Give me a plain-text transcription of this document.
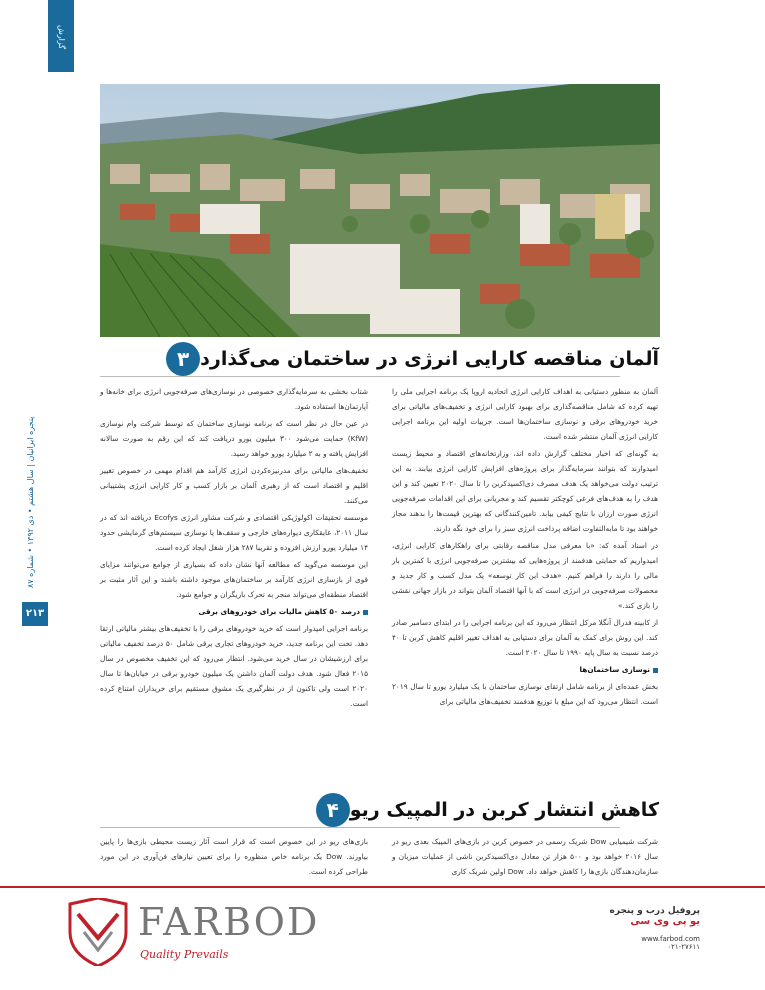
گزارش
پنجره ایرانیان | سال هشتم • دی ۱۳۹۲ • شماره ۸۷
۲۱۳
۳ آلمان مناقصه کارایی انرژی در ساختمان می‌گذارد

آلمان به منظور دستیابی به اهداف کارایی انرژی اتحادیه اروپا یک برنامه اجرایی ملی را تهیه کرده که شامل مناقصه‌گذاری برای بهبود کارایی انرژی و تخفیف‌های مالیاتی برای خرید خودروهای برقی و نوسازی ساختمان‌ها است. جزییات اولیه این برنامه اجرایی کارایی انرژی آلمان منتشر شده است.

به گونه‌ای که اخبار مختلف گزارش داده اند، وزارتخانه‌های اقتصاد و محیط زیست امیدوارند که بتوانند سرمایه‌گذار برای پروژه‌های افزایش کارایی انرژی بیابند. به این ترتیب دولت می‌خواهد یک هدف مصرف دی‌اکسیدکربن را تا سال ۲۰۲۰ تعیین کند و این هدف را به هدف‌های فرعی کوچکتر تقسیم کند و مجریانی برای این اقدامات صرفه‌جویی انرژی صورت ارزان با نتایج کیفی بیابد. تامین‌کنندگانی که بهترین قیمت‌ها را بدهند مجاز خواهند بود تا مابه‌التفاوت اضافه پرداخت انرژی سبز را برای خود نگه دارند.

در اسناد آمده که: «با معرفی مدل مناقصه رقابتی برای راهکارهای کارایی انرژی، امیدواریم که حمایتی هدفمند از پروژه‌هایی که بیشترین صرفه‌جویی انرژی با کمترین بار مالی را دارند را فراهم کنیم. «هدف این کار توسعه» یک مدل کسب و کار جدید و محصولات صرفه‌جویی در انرژی است که با آنها اقتصاد آلمان بتواند در بازار جهانی نقشی را بازی کند.»

از کابینه فدرال آنگلا مرکل انتظار می‌رود که این برنامه اجرایی را در ابتدای دسامبر صادر کند. این روش برای کمک به آلمان برای دستیابی به اهداف تغییر اقلیم کاهش کربن تا ۴۰ درصد نسبت به سال پایه ۱۹۹۰ تا سال ۲۰۲۰ است.

نوسازی ساختمان‌ها

بخش عمده‌ای از برنامه شامل ارتقای نوسازی ساختمان با یک میلیارد یورو تا سال ۲۰۱۹ است. انتظار می‌رود که این مبلغ با توزیع هدفمند تخفیف‌های مالیاتی برای

شتاب بخشی به سرمایه‌گذاری خصوصی در نوسازی‌های صرفه‌جویی انرژی برای خانه‌ها و آپارتمان‌ها استفاده شود.

در عین حال در نظر است که برنامه نوسازی ساختمان که توسط شرکت وام نوسازی (KfW) حمایت می‌شود ۳۰۰ میلیون یورو دریافت کند که این رقم به صورت سالانه افزایش یافته و به ۲ میلیارد یورو خواهد رسید.

تخفیف‌های مالیاتی برای مدرنیزه‌کردن انرژی کارآمد هم اقدام مهمی در خصوص تغییر اقلیم و اقتصاد است که از رهبری آلمان بر بازار کسب و کار کارایی انرژی پشتیبانی می‌کنند.

موسسه تحقیقات اکولوژیکی اقتصادی و شرکت مشاور انرژی Ecofys دریافته اند که در سال ۲۰۱۱، عایقکاری دیواره‌های خارجی و سقف‌ها یا نوسازی سیستم‌های گرمایشی حدود ۱۴ میلیارد یورو ارزش افزوده و تقریبا ۲۸۷ هزار شغل ایجاد کرده است.

این موسسه می‌گوید که مطالعه آنها نشان داده که بسیاری از جوامع می‌توانند مزایای قوی از بازسازی انرژی کارآمد بر ساختمان‌های موجود داشته باشند و این آثار مثبت بر اقتصاد منطقه‌ای می‌تواند منجر به تحرک بازیگران و جوامع شود.

درصد ۵۰ کاهش مالیات برای خودروهای برقی

برنامه اجرایی امیدوار است که خرید خودروهای برقی را با تخفیف‌های بیشتر مالیاتی ارتقا دهد. تحت این برنامه جدید، خرید خودروهای تجاری برقی شامل ۵۰ درصد تخفیف مالیاتی برای ارزشیشان در سال خرید می‌شود. انتظار می‌رود که این تخفیف مخصوص در سال ۲۰۱۵ فعال شود. هدف دولت آلمان داشتن یک میلیون خودرو برقی در خیابان‌ها تا سال ۲۰۲۰ است ولی تاکنون از در نظرگیری یک مشوق مستقیم برای خریداران امتناع کرده است.

۴ کاهش انتشار کربن در المپیک ریو

شرکت شیمیایی Dow شریک رسمی در خصوص کربن در بازی‌های المپیک بعدی ریو در سال ۲۰۱۶ خواهد بود و ۵۰۰ هزار تن معادل دی‌اکسیدکربن ناشی از عملیات میزبان و سازمان‌دهندگان بازی‌ها را کاهش خواهد داد. Dow اولین شریک کاری

بازی‌های ریو در این خصوص است که قرار است آثار زیست محیطی بازی‌ها را پایین بیاورند. Dow یک برنامه خاص منظوره را برای تعیین نیازهای فن‌آوری در این مورد طراحی کرده است.

FARBOD
Quality Prevails
پروفیل درب و پنجره
یو پی وی سی
www.farbod.com
۰۲۱-۲۷۶۱۱
